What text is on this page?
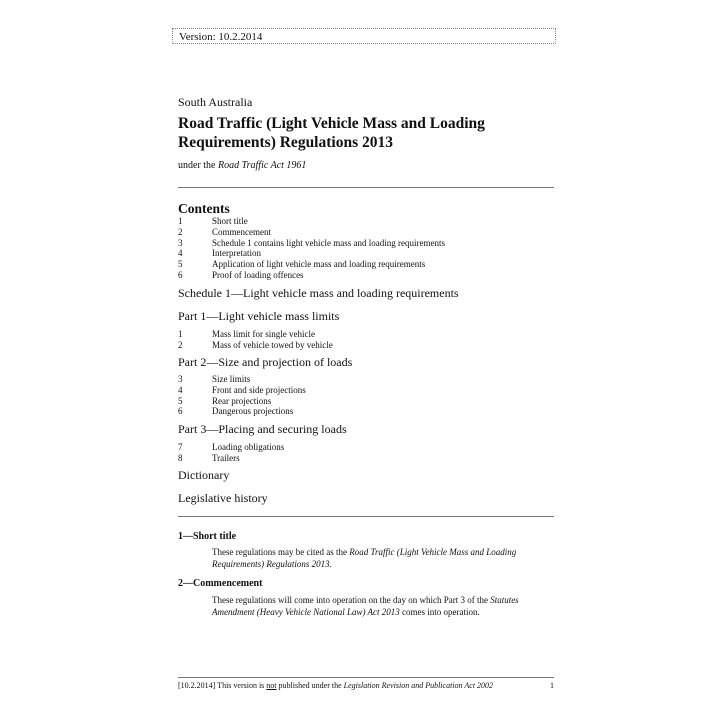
Version: 10.2.2014
South Australia
Road Traffic (Light Vehicle Mass and Loading Requirements) Regulations 2013
under the Road Traffic Act 1961
Contents
1	Short title
2	Commencement
3	Schedule 1 contains light vehicle mass and loading requirements
4	Interpretation
5	Application of light vehicle mass and loading requirements
6	Proof of loading offences
Schedule 1—Light vehicle mass and loading requirements
Part 1—Light vehicle mass limits
1	Mass limit for single vehicle
2	Mass of vehicle towed by vehicle
Part 2—Size and projection of loads
3	Size limits
4	Front and side projections
5	Rear projections
6	Dangerous projections
Part 3—Placing and securing loads
7	Loading obligations
8	Trailers
Dictionary
Legislative history
1—Short title

These regulations may be cited as the Road Traffic (Light Vehicle Mass and Loading Requirements) Regulations 2013.

2—Commencement

These regulations will come into operation on the day on which Part 3 of the Statutes Amendment (Heavy Vehicle National Law) Act 2013 comes into operation.

[10.2.2014] This version is not published under the Legislation Revision and Publication Act 2002	1
